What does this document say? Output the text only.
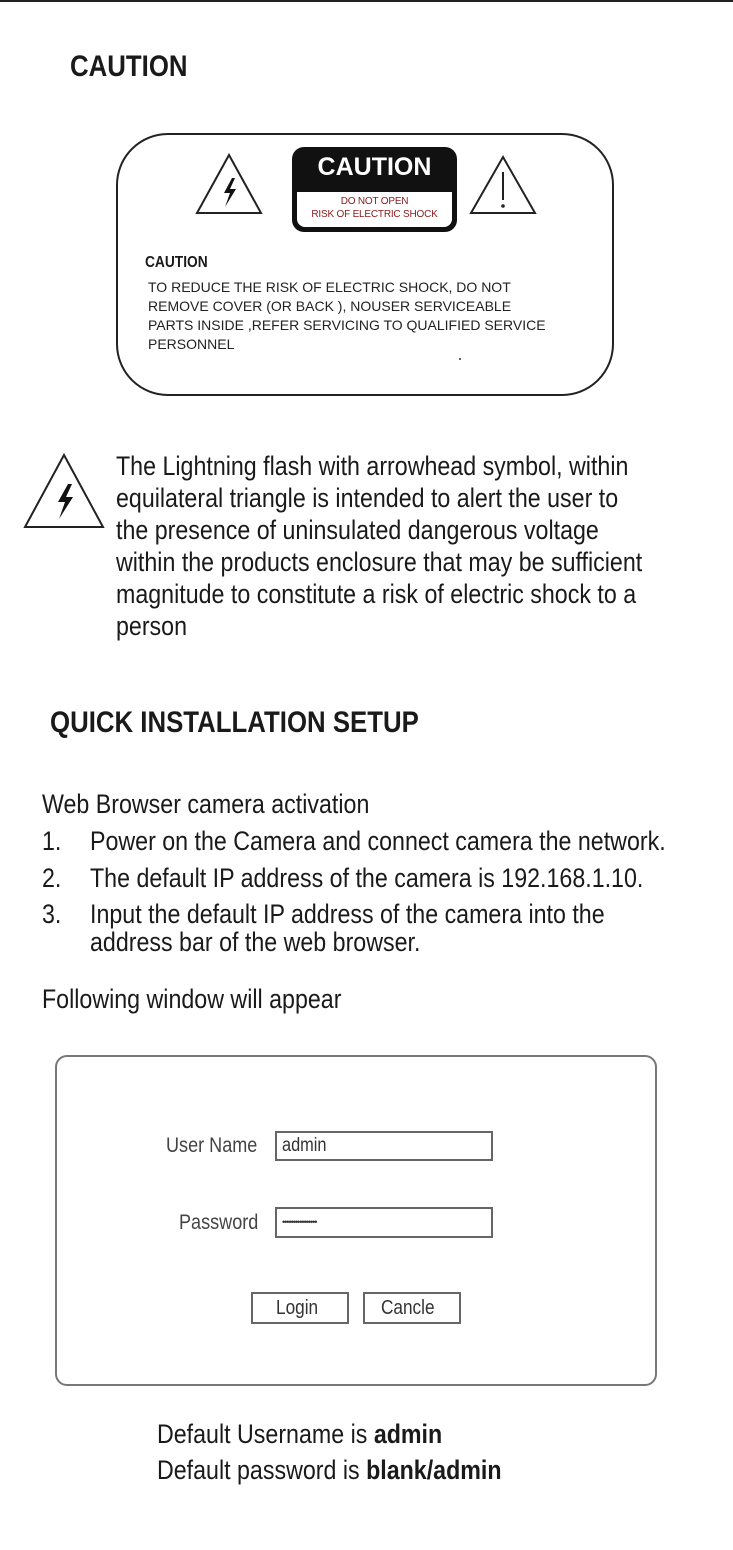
CAUTION
CAUTION
DO NOT OPEN
RISK OF ELECTRIC SHOCK
CAUTION
TO REDUCE THE RISK OF ELECTRIC SHOCK, DO NOT
REMOVE COVER (OR BACK ), NOUSER SERVICEABLE
PARTS INSIDE ,REFER SERVICING TO QUALIFIED SERVICE
PERSONNEL
The Lightning flash with arrowhead symbol, within
equilateral triangle is intended to alert the user to
the presence of uninsulated dangerous voltage
within the products enclosure that may be sufficient
magnitude to constitute a risk of electric shock to a
person
QUICK INSTALLATION SETUP
Web Browser camera activation
1. Power on the Camera and connect camera the network.
2. The default IP address of the camera is 192.168.1.10.
3. Input the default IP address of the camera into the
address bar of the web browser.
Following window will appear
User Name	admin
Password	••••••••••••••••
Login	Cancle
Default Username is admin
Default password is blank/admin
